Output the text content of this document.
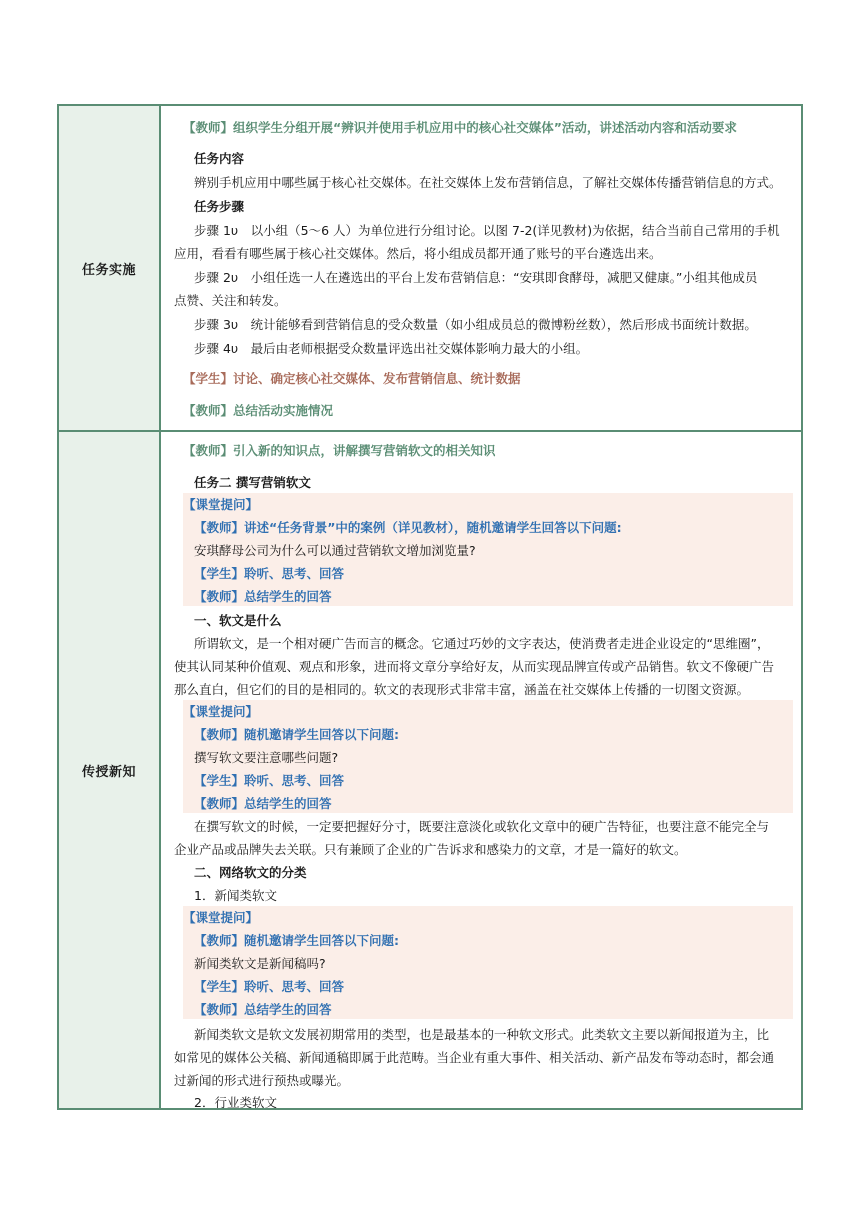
任务实施
【教师】组织学生分组开展“辨识并使用手机应用中的核心社交媒体”活动，讲述活动内容和活动要求
任务内容
辨别手机应用中哪些属于核心社交媒体。在社交媒体上发布营销信息，了解社交媒体传播营销信息的方式。
任务步骤
步骤 1υ　以小组（5～6 人）为单位进行分组讨论。以图 7-2(详见教材)为依据，结合当前自己常用的手机
应用，看看有哪些属于核心社交媒体。然后，将小组成员都开通了账号的平台遴选出来。
步骤 2υ　小组任选一人在遴选出的平台上发布营销信息：“安琪即食酵母，减肥又健康。”小组其他成员
点赞、关注和转发。
步骤 3υ　统计能够看到营销信息的受众数量（如小组成员总的微博粉丝数），然后形成书面统计数据。
步骤 4υ　最后由老师根据受众数量评选出社交媒体影响力最大的小组。
【学生】讨论、确定核心社交媒体、发布营销信息、统计数据
【教师】总结活动实施情况
传授新知
【教师】引入新的知识点，讲解撰写营销软文的相关知识
任务二 撰写营销软文
【课堂提问】
【教师】讲述“任务背景”中的案例（详见教材），随机邀请学生回答以下问题:
安琪酵母公司为什么可以通过营销软文增加浏览量?
【学生】聆听、思考、回答
【教师】总结学生的回答
一、软文是什么
所谓软文，是一个相对硬广告而言的概念。它通过巧妙的文字表达，使消费者走进企业设定的“思维圈”，
使其认同某种价值观、观点和形象，进而将文章分享给好友，从而实现品牌宣传或产品销售。软文不像硬广告
那么直白，但它们的目的是相同的。软文的表现形式非常丰富，涵盖在社交媒体上传播的一切图文资源。
【课堂提问】
【教师】随机邀请学生回答以下问题:
撰写软文要注意哪些问题?
【学生】聆听、思考、回答
【教师】总结学生的回答
在撰写软文的时候，一定要把握好分寸，既要注意淡化或软化文章中的硬广告特征，也要注意不能完全与
企业产品或品牌失去关联。只有兼顾了企业的广告诉求和感染力的文章，才是一篇好的软文。
二、网络软文的分类
1．新闻类软文
【课堂提问】
【教师】随机邀请学生回答以下问题:
新闻类软文是新闻稿吗?
【学生】聆听、思考、回答
【教师】总结学生的回答
新闻类软文是软文发展初期常用的类型，也是最基本的一种软文形式。此类软文主要以新闻报道为主，比
如常见的媒体公关稿、新闻通稿即属于此范畴。当企业有重大事件、相关活动、新产品发布等动态时，都会通
过新闻的形式进行预热或曝光。
2．行业类软文
